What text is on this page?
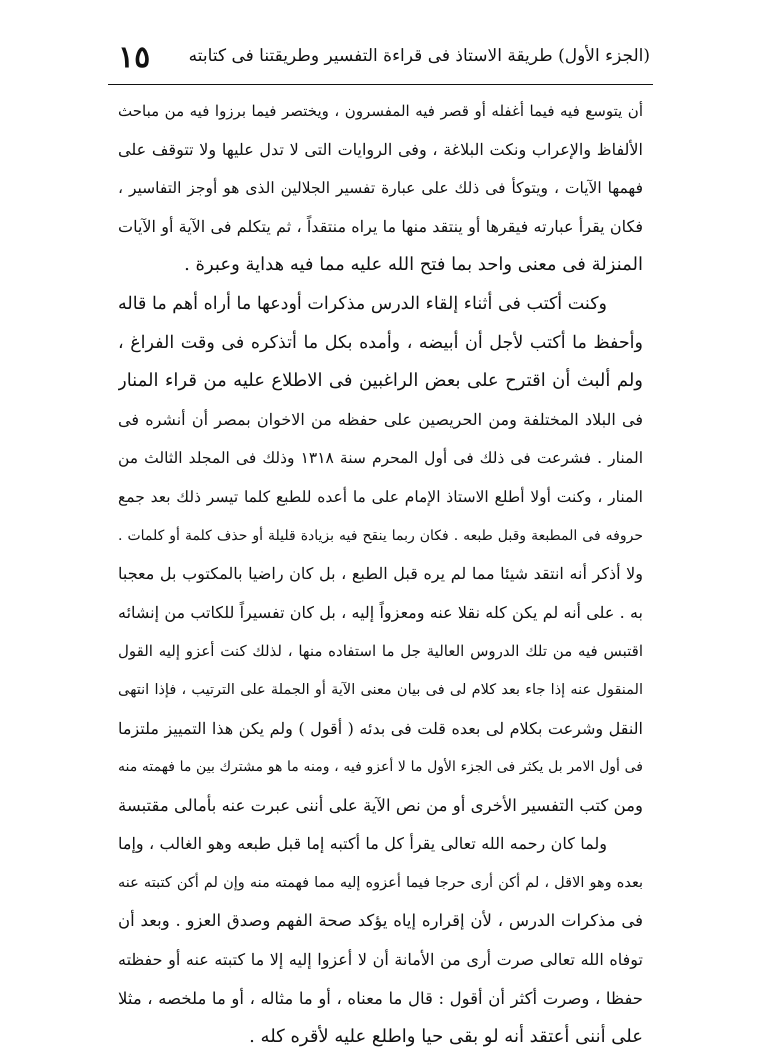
(الجزء الأول) طريقة الاستاذ فى قراءة التفسير وطريقتنا فى كتابته
١٥
أن يتوسع فيه فيما أغفله أو قصر فيه المفسرون ، ويختصر فيما برزوا فيه من مباحث
الألفاظ والإعراب ونكت البلاغة ، وفى الروايات التى لا تدل عليها ولا تتوقف على
فهمها الآيات ، ويتوكأ فى ذلك على عبارة تفسير الجلالين الذى هو أوجز التفاسير ،
فكان يقرأ عبارته فيقرها أو ينتقد منها ما يراه منتقداً ، ثم يتكلم فى الآية أو الآيات
المنزلة فى معنى واحد بما فتح الله عليه مما فيه هداية وعبرة .
وكنت أكتب فى أثناء إلقاء الدرس مذكرات أودعها ما أراه أهم ما قاله
وأحفظ ما أكتب لأجل أن أبيضه ، وأمده بكل ما أتذكره فى وقت الفراغ ،
ولم ألبث أن اقترح على بعض الراغبين فى الاطلاع عليه من قراء المنار
فى البلاد المختلفة ومن الحريصين على حفظه من الاخوان بمصر أن أنشره فى
المنار . فشرعت فى ذلك فى أول المحرم سنة ١٣١٨ وذلك فى المجلد الثالث من
المنار ، وكنت أولا أطلع الاستاذ الإمام على ما أعده للطبع كلما تيسر ذلك بعد جمع
حروفه فى المطبعة وقبل طبعه . فكان ربما ينقح فيه بزيادة قليلة أو حذف كلمة أو كلمات .
ولا أذكر أنه انتقد شيئا مما لم يره قبل الطبع ، بل كان راضيا بالمكتوب بل معجبا
به . على أنه لم يكن كله نقلا عنه ومعزواً إليه ، بل كان تفسيراً للكاتب من إنشائه
اقتبس فيه من تلك الدروس العالية جل ما استفاده منها ، لذلك كنت أعزو إليه القول
المنقول عنه إذا جاء بعد كلام لى فى بيان معنى الآية أو الجملة على الترتيب ، فإذا انتهى
النقل وشرعت بكلام لى بعده قلت فى بدئه ( أقول ) ولم يكن هذا التمييز ملتزما
فى أول الامر بل يكثر فى الجزء الأول ما لا أعزو فيه ، ومنه ما هو مشترك بين ما فهمته منه
ومن كتب التفسير الأخرى أو من نص الآية على أننى عبرت عنه بأمالى مقتبسة
ولما كان رحمه الله تعالى يقرأ كل ما أكتبه إما قبل طبعه وهو الغالب ، وإما
بعده وهو الاقل ، لم أكن أرى حرجا فيما أعزوه إليه مما فهمته منه وإن لم أكن كتبته عنه
فى مذكرات الدرس ، لأن إقراره إياه يؤكد صحة الفهم وصدق العزو . وبعد أن
توفاه الله تعالى صرت أرى من الأمانة أن لا أعزوا إليه إلا ما كتبته عنه أو حفظته
حفظا ، وصرت أكثر أن أقول : قال ما معناه ، أو ما مثاله ، أو ما ملخصه ، مثلا
على أننى أعتقد أنه لو بقى حيا واطلع عليه لأقره كله .
